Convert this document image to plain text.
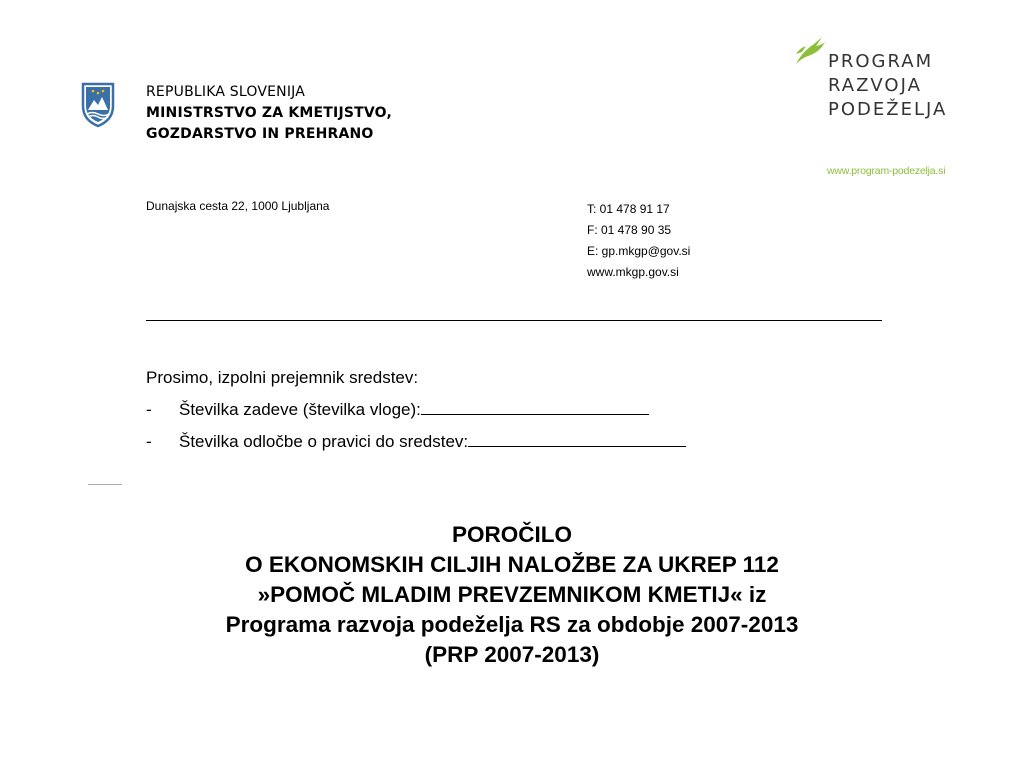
REPUBLIKA SLOVENIJA
MINISTRSTVO ZA KMETIJSTVO,
GOZDARSTVO IN PREHRANO
PROGRAM
RAZVOJA
PODEŽELJA
www.program-podezelja.si
Dunajska cesta 22, 1000 Ljubljana	T: 01 478 91 17
F: 01 478 90 35
E: gp.mkgp@gov.si
www.mkgp.gov.si
Prosimo, izpolni prejemnik sredstev:
- Številka zadeve (številka vloge):
- Številka odločbe o pravici do sredstev:
POROČILO
O EKONOMSKIH CILJIH NALOŽBE ZA UKREP 112
»POMOČ MLADIM PREVZEMNIKOM KMETIJ« iz
Programa razvoja podeželja RS za obdobje 2007-2013
(PRP 2007-2013)
